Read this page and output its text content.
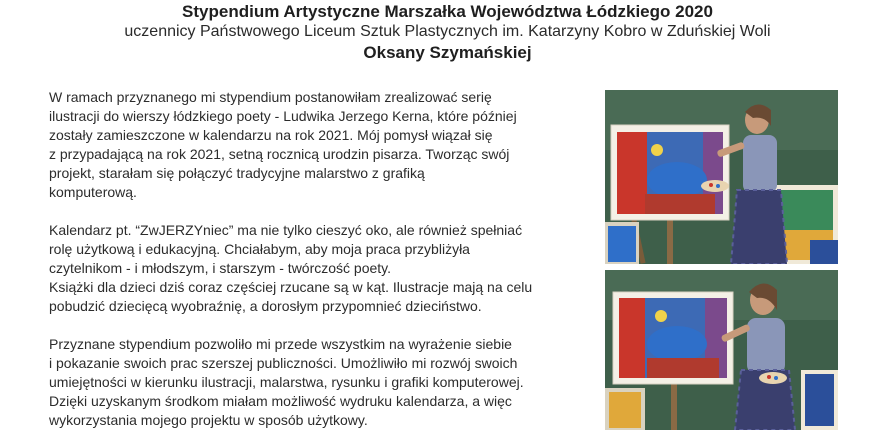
Stypendium Artystyczne Marszałka Województwa Łódzkiego 2020
uczennicy Państwowego Liceum Sztuk Plastycznych im. Katarzyny Kobro w Zduńskiej Woli
Oksany Szymańskiej

W ramach przyznanego mi stypendium postanowiłam zrealizować serię
ilustracji do wierszy łódzkiego poety - Ludwika Jerzego Kerna, które później
zostały zamieszczone w kalendarzu na rok 2021. Mój pomysł wiązał się
z przypadającą na rok 2021, setną rocznicą urodzin pisarza. Tworząc swój
projekt, starałam się połączyć tradycyjne malarstwo z grafiką
komputerową.

Kalendarz pt. “ZwJERZYniec” ma nie tylko cieszyć oko, ale również spełniać
rolę użytkową i edukacyjną. Chciałabym, aby moja praca przybliżyła
czytelnikom - i młodszym, i starszym - twórczość poety.
Książki dla dzieci dziś coraz częściej rzucane są w kąt. Ilustracje mają na celu
pobudzić dziecięcą wyobraźnię, a dorosłym przypomnieć dzieciństwo.

Przyznane stypendium pozwoliło mi przede wszystkim na wyrażenie siebie
i pokazanie swoich prac szerszej publiczności. Umożliwiło mi rozwój swoich
umiejętności w kierunku ilustracji, malarstwa, rysunku i grafiki komputerowej.
Dzięki uzyskanym środkom miałam możliwość wydruku kalendarza, a więc
wykorzystania mojego projektu w sposób użytkowy.
